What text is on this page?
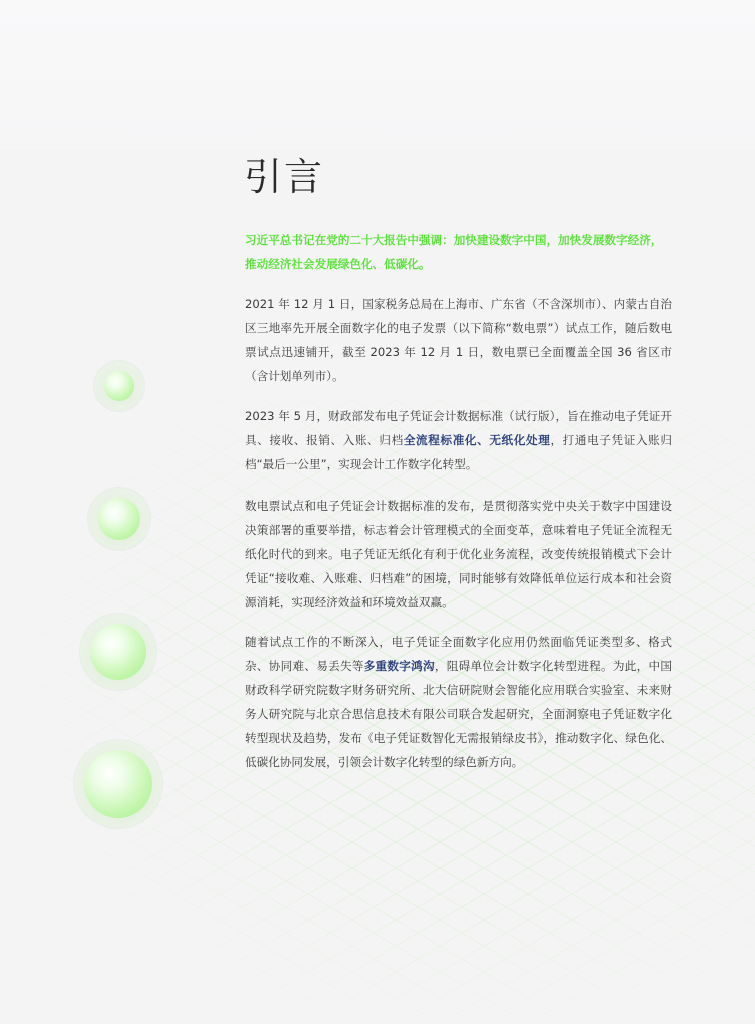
引言

习近平总书记在党的二十大报告中强调：加快建设数字中国，加快发展数字经济，推动经济社会发展绿色化、低碳化。

2021 年 12 月 1 日，国家税务总局在上海市、广东省（不含深圳市）、内蒙古自治区三地率先开展全面数字化的电子发票（以下简称“数电票”）试点工作，随后数电票试点迅速铺开，截至 2023 年 12 月 1 日，数电票已全面覆盖全国 36 省区市（含计划单列市）。

2023 年 5 月，财政部发布电子凭证会计数据标准（试行版），旨在推动电子凭证开具、接收、报销、入账、归档全流程标准化、无纸化处理，打通电子凭证入账归档“最后一公里”，实现会计工作数字化转型。

数电票试点和电子凭证会计数据标准的发布，是贯彻落实党中央关于数字中国建设决策部署的重要举措，标志着会计管理模式的全面变革，意味着电子凭证全流程无纸化时代的到来。电子凭证无纸化有利于优化业务流程，改变传统报销模式下会计凭证“接收难、入账难、归档难”的困境，同时能够有效降低单位运行成本和社会资源消耗，实现经济效益和环境效益双赢。

随着试点工作的不断深入，电子凭证全面数字化应用仍然面临凭证类型多、格式杂、协同难、易丢失等多重数字鸿沟，阻碍单位会计数字化转型进程。为此，中国财政科学研究院数字财务研究所、北大信研院财会智能化应用联合实验室、未来财务人研究院与北京合思信息技术有限公司联合发起研究，全面洞察电子凭证数字化转型现状及趋势，发布《电子凭证数智化无需报销绿皮书》，推动数字化、绿色化、低碳化协同发展，引领会计数字化转型的绿色新方向。
